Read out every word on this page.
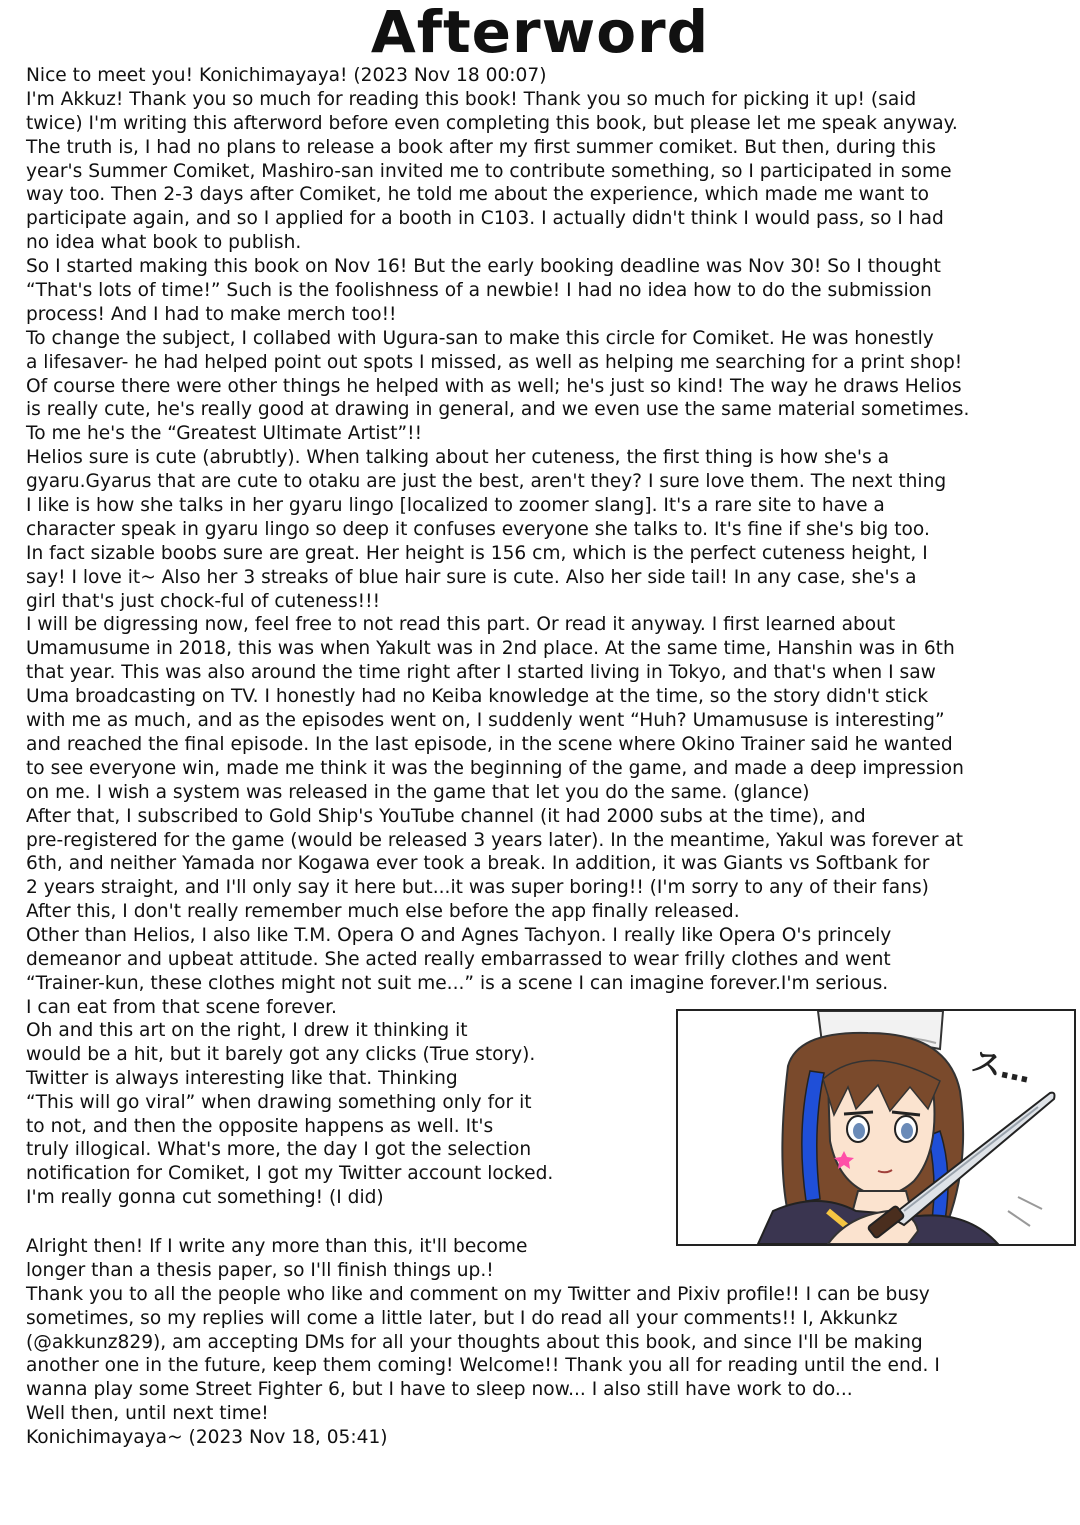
Afterword
Nice to meet you! Konichimayaya! (2023 Nov 18 00:07)
I'm Akkuz! Thank you so much for reading this book! Thank you so much for picking it up! (said
twice) I'm writing this afterword before even completing this book, but please let me speak anyway.
The truth is, I had no plans to release a book after my first summer comiket. But then, during this
year's Summer Comiket, Mashiro-san invited me to contribute something, so I participated in some
way too. Then 2-3 days after Comiket, he told me about the experience, which made me want to
participate again, and so I applied for a booth in C103. I actually didn't think I would pass, so I had
no idea what book to publish.
So I started making this book on Nov 16! But the early booking deadline was Nov 30! So I thought
“That's lots of time!” Such is the foolishness of a newbie! I had no idea how to do the submission
process! And I had to make merch too!!
To change the subject, I collabed with Ugura-san to make this circle for Comiket. He was honestly
a lifesaver- he had helped point out spots I missed, as well as helping me searching for a print shop!
Of course there were other things he helped with as well; he's just so kind! The way he draws Helios
is really cute, he's really good at drawing in general, and we even use the same material sometimes.
To me he's the “Greatest Ultimate Artist”!!
Helios sure is cute (abrubtly). When talking about her cuteness, the first thing is how she's a
gyaru.Gyarus that are cute to otaku are just the best, aren't they? I sure love them. The next thing
I like is how she talks in her gyaru lingo [localized to zoomer slang]. It's a rare site to have a
character speak in gyaru lingo so deep it confuses everyone she talks to. It's fine if she's big too.
In fact sizable boobs sure are great. Her height is 156 cm, which is the perfect cuteness height, I
say! I love it~ Also her 3 streaks of blue hair sure is cute. Also her side tail! In any case, she's a
girl that's just chock-ful of cuteness!!!
I will be digressing now, feel free to not read this part. Or read it anyway. I first learned about
Umamusume in 2018, this was when Yakult was in 2nd place. At the same time, Hanshin was in 6th
that year. This was also around the time right after I started living in Tokyo, and that's when I saw
Uma broadcasting on TV. I honestly had no Keiba knowledge at the time, so the story didn't stick
with me as much, and as the episodes went on, I suddenly went “Huh? Umamususe is interesting”
and reached the final episode. In the last episode, in the scene where Okino Trainer said he wanted
to see everyone win, made me think it was the beginning of the game, and made a deep impression
on me. I wish a system was released in the game that let you do the same. (glance)
After that, I subscribed to Gold Ship's YouTube channel (it had 2000 subs at the time), and
pre-registered for the game (would be released 3 years later). In the meantime, Yakul was forever at
6th, and neither Yamada nor Kogawa ever took a break. In addition, it was Giants vs Softbank for
2 years straight, and I'll only say it here but...it was super boring!! (I'm sorry to any of their fans)
After this, I don't really remember much else before the app finally released.
Other than Helios, I also like T.M. Opera O and Agnes Tachyon. I really like Opera O's princely
demeanor and upbeat attitude. She acted really embarrassed to wear frilly clothes and went
“Trainer-kun, these clothes might not suit me...” is a scene I can imagine forever.I'm serious.
I can eat from that scene forever.
Oh and this art on the right, I drew it thinking it
would be a hit, but it barely got any clicks (True story).
Twitter is always interesting like that. Thinking
“This will go viral” when drawing something only for it
to not, and then the opposite happens as well. It's
truly illogical. What's more, the day I got the selection
notification for Comiket, I got my Twitter account locked.
I'm really gonna cut something! (I did)
Alright then! If I write any more than this, it'll become
longer than a thesis paper, so I'll finish things up.!
Thank you to all the people who like and comment on my Twitter and Pixiv profile!! I can be busy
sometimes, so my replies will come a little later, but I do read all your comments!! I, Akkunkz
(@akkunz829), am accepting DMs for all your thoughts about this book, and since I'll be making
another one in the future, keep them coming! Welcome!! Thank you all for reading until the end. I
wanna play some Street Fighter 6, but I have to sleep now... I also still have work to do...
Well then, until next time!
Konichimayaya~ (2023 Nov 18, 05:41)
ス…
